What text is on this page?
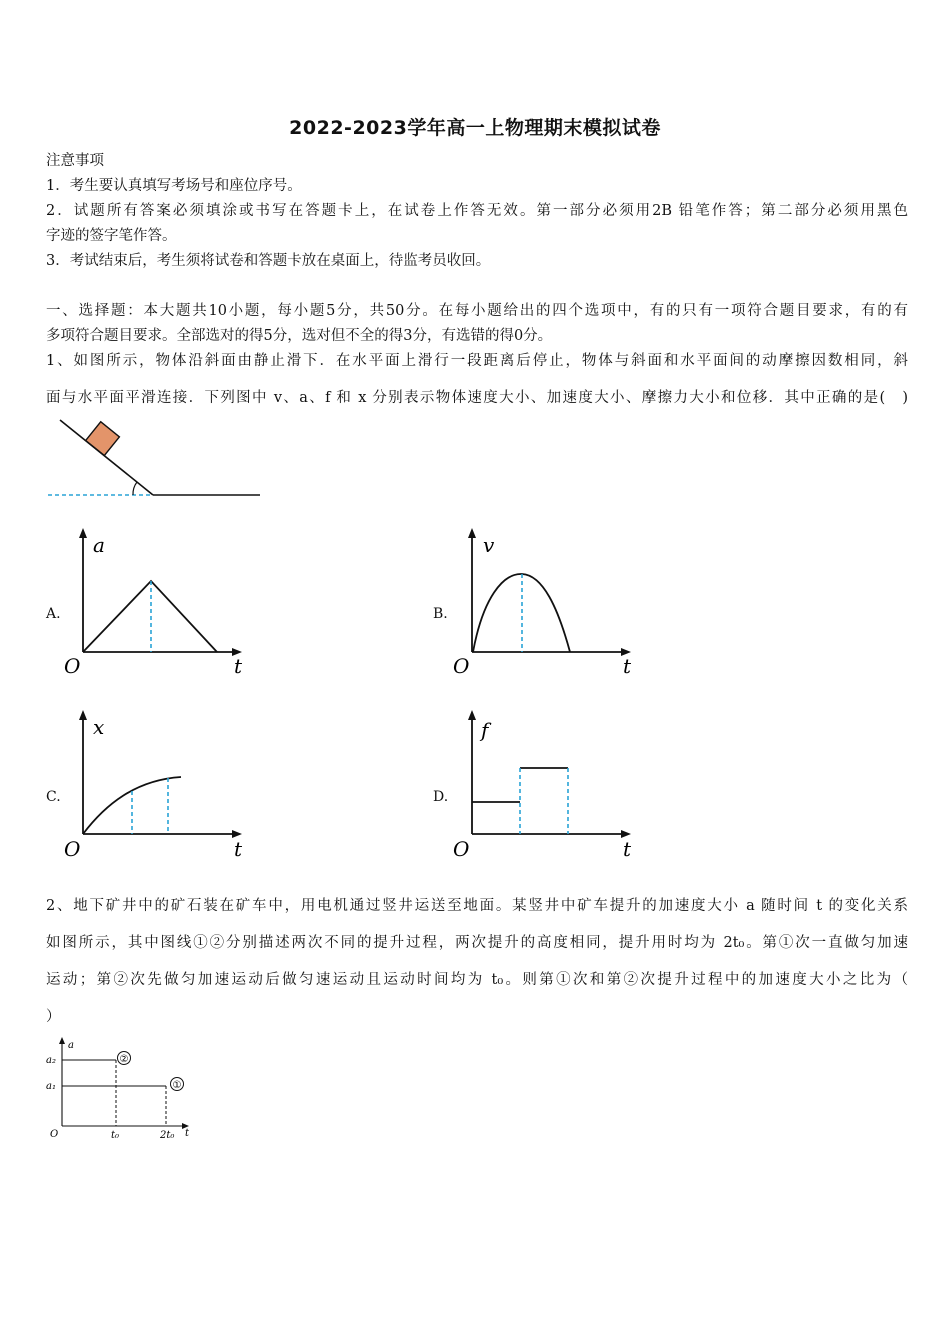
2022-2023学年高一上物理期末模拟试卷
注意事项
1．考生要认真填写考场号和座位序号。
2．试题所有答案必须填涂或书写在答题卡上，在试卷上作答无效。第一部分必须用2B 铅笔作答；第二部分必须用黑色
字迹的签字笔作答。
3．考试结束后，考生须将试卷和答题卡放在桌面上，待监考员收回。
一、选择题：本大题共10小题，每小题5分，共50分。在每小题给出的四个选项中，有的只有一项符合题目要求，有的有
多项符合题目要求。全部选对的得5分，选对但不全的得3分，有选错的得0分。
1、如图所示，物体沿斜面由静止滑下．在水平面上滑行一段距离后停止，物体与斜面和水平面间的动摩擦因数相同，斜
面与水平面平滑连接．下列图中 v、a、f 和 x 分别表示物体速度大小、加速度大小、摩擦力大小和位移．其中正确的是(　)
A.
a
O	t
B.
v
O	t
C.
x
O	t
D.
f
O	t
2、地下矿井中的矿石装在矿车中，用电机通过竖井运送至地面。某竖井中矿车提升的加速度大小 a 随时间 t 的变化关系
如图所示，其中图线①②分别描述两次不同的提升过程，两次提升的高度相同，提升用时均为 2t₀。第①次一直做匀加速
运动；第②次先做匀加速运动后做匀速运动且运动时间均为 t₀。则第①次和第②次提升过程中的加速度大小之比为（
）
②
①
a
a₂
a₁
O	t₀	2t₀ t
